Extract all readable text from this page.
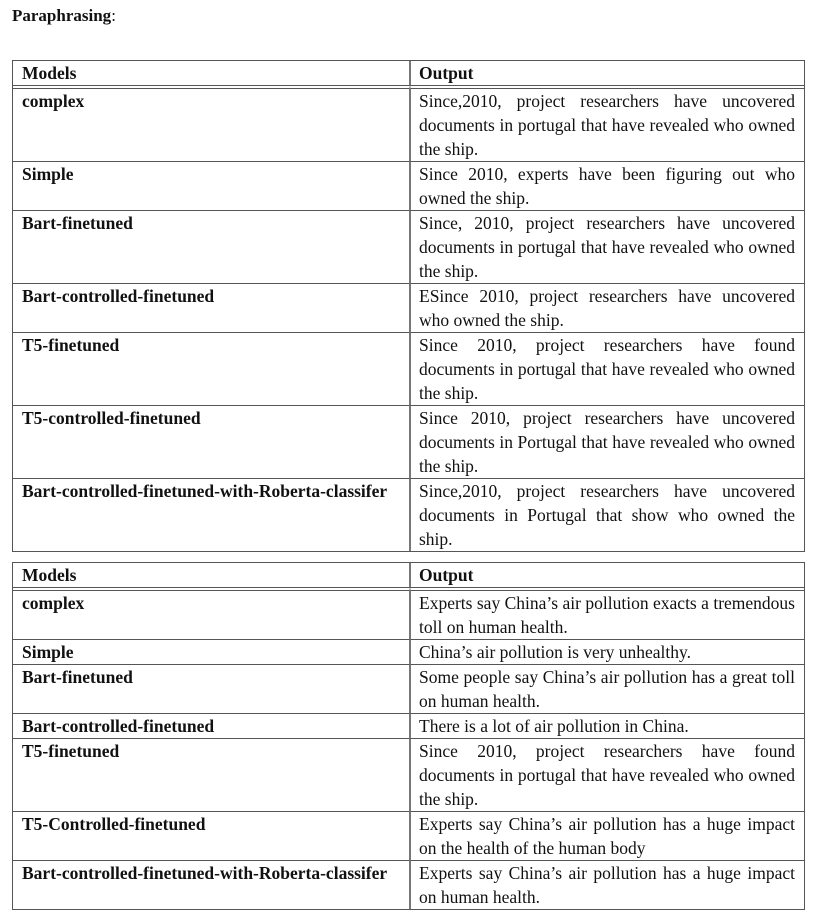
Paraphrasing:
Models	Output
complex	Since,2010, project researchers have uncovered documents in portugal that have revealed who owned the ship.
Simple	Since 2010, experts have been figuring out who owned the ship.
Bart-finetuned	Since, 2010, project researchers have uncovered documents in portugal that have revealed who owned the ship.
Bart-controlled-finetuned	ESince 2010, project researchers have uncovered who owned the ship.
T5-finetuned	Since 2010, project researchers have found documents in portugal that have revealed who owned the ship.
T5-controlled-finetuned	Since 2010, project researchers have uncovered documents in Portugal that have revealed who owned the ship.
Bart-controlled-finetuned-with-Roberta-classifer	Since,2010, project researchers have uncovered documents in Portugal that show who owned the ship.
Models	Output
complex	Experts say China’s air pollution exacts a tremendous toll on human health.
Simple	China’s air pollution is very unhealthy.
Bart-finetuned	Some people say China’s air pollution has a great toll on human health.
Bart-controlled-finetuned	There is a lot of air pollution in China.
T5-finetuned	Since 2010, project researchers have found documents in portugal that have revealed who owned the ship.
T5-Controlled-finetuned	Experts say China’s air pollution has a huge impact on the health of the human body
Bart-controlled-finetuned-with-Roberta-classifer	Experts say China’s air pollution has a huge impact on human health.
